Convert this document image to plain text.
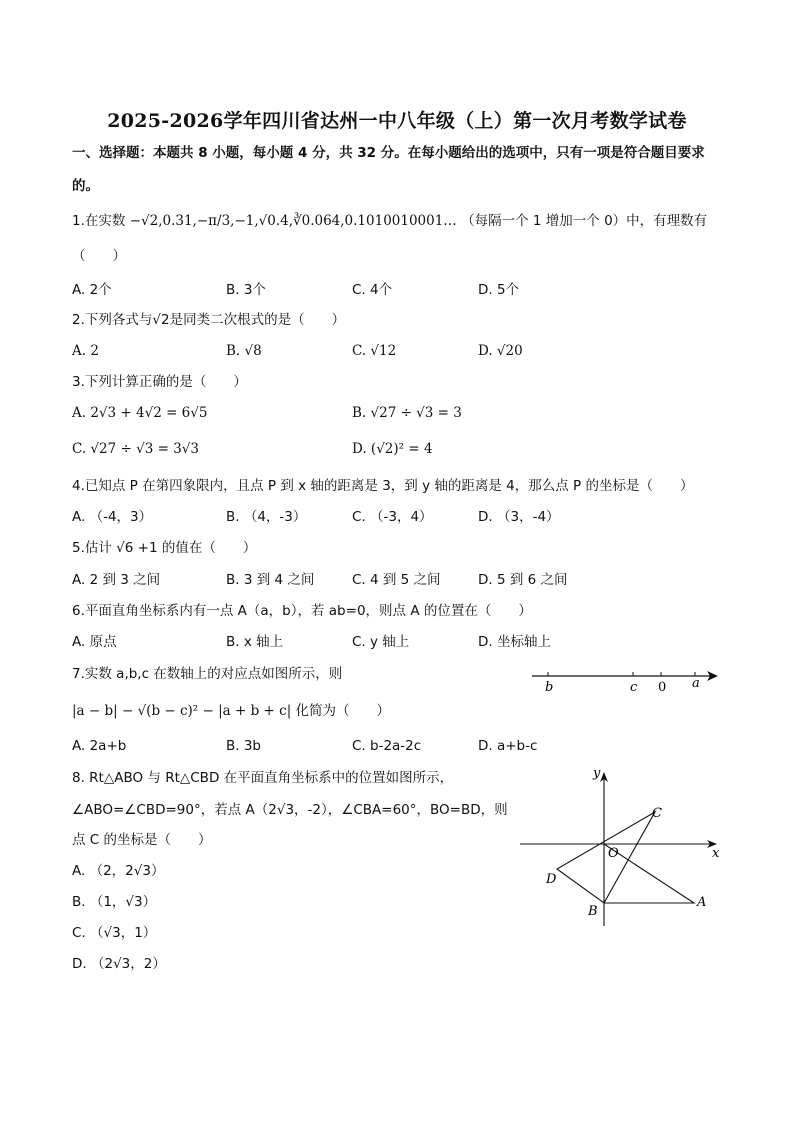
2025-2026学年四川省达州一中八年级（上）第一次月考数学试卷
一、选择题：本题共 8 小题，每小题 4 分，共 32 分。在每小题给出的选项中，只有一项是符合题目要求
的。
1.在实数 −√2,0.31,−π/3,−1,√0.4,∛0.064,0.1010010001… （每隔一个 1 增加一个 0）中，有理数有
（　　）
A. 2个	B. 3个	C. 4个	D. 5个
2.下列各式与√2是同类二次根式的是（　　）
A. 2	B. √8	C. √12	D. √20
3.下列计算正确的是（　　）
A. 2√3 + 4√2 = 6√5	B. √27 ÷ √3 = 3
C. √27 ÷ √3 = 3√3	D. (√2)² = 4
4.已知点 P 在第四象限内，且点 P 到 x 轴的距离是 3，到 y 轴的距离是 4，那么点 P 的坐标是（　　）
A. （-4，3）	B. （4，-3）	C. （-3，4）	D. （3，-4）
5.估计 √6 +1 的值在（　　）
A. 2 到 3 之间	B. 3 到 4 之间	C. 4 到 5 之间	D. 5 到 6 之间
6.平面直角坐标系内有一点 A（a，b），若 ab=0，则点 A 的位置在（　　）
A. 原点	B. x 轴上	C. y 轴上	D. 坐标轴上
7.实数 a,b,c 在数轴上的对应点如图所示，则
|a − b| − √(b − c)² − |a + b + c| 化简为（　　）
b	c 0 a
A. 2a+b	B. 3b	C. b-2a-2c	D. a+b-c
8. Rt△ABO 与 Rt△CBD 在平面直角坐标系中的位置如图所示，
∠ABO=∠CBD=90°，若点 A（2√3，-2），∠CBA=60°，BO=BD，则
点 C 的坐标是（　　）
A. （2，2√3）
B. （1，√3）
C. （√3，1）
D. （2√3，2）
x
y
O
C
A
B
D
